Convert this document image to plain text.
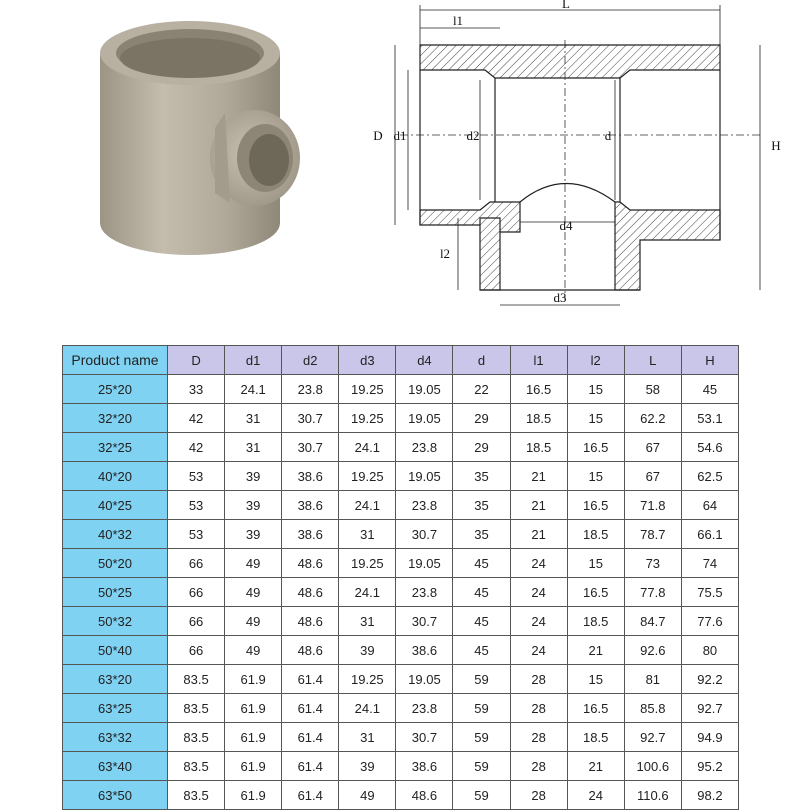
L
l1
D d1	d2	d
H
d4
l2
d3
Product name	D	d1	d2	d3	d4	d	l1	l2	L	H
25*20	33	24.1	23.8	19.25	19.05	22	16.5	15	58	45
32*20	42	31	30.7	19.25	19.05	29	18.5	15	62.2	53.1
32*25	42	31	30.7	24.1	23.8	29	18.5	16.5	67	54.6
40*20	53	39	38.6	19.25	19.05	35	21	15	67	62.5
40*25	53	39	38.6	24.1	23.8	35	21	16.5	71.8	64
40*32	53	39	38.6	31	30.7	35	21	18.5	78.7	66.1
50*20	66	49	48.6	19.25	19.05	45	24	15	73	74
50*25	66	49	48.6	24.1	23.8	45	24	16.5	77.8	75.5
50*32	66	49	48.6	31	30.7	45	24	18.5	84.7	77.6
50*40	66	49	48.6	39	38.6	45	24	21	92.6	80
63*20	83.5	61.9	61.4	19.25	19.05	59	28	15	81	92.2
63*25	83.5	61.9	61.4	24.1	23.8	59	28	16.5	85.8	92.7
63*32	83.5	61.9	61.4	31	30.7	59	28	18.5	92.7	94.9
63*40	83.5	61.9	61.4	39	38.6	59	28	21	100.6	95.2
63*50	83.5	61.9	61.4	49	48.6	59	28	24	110.6	98.2
